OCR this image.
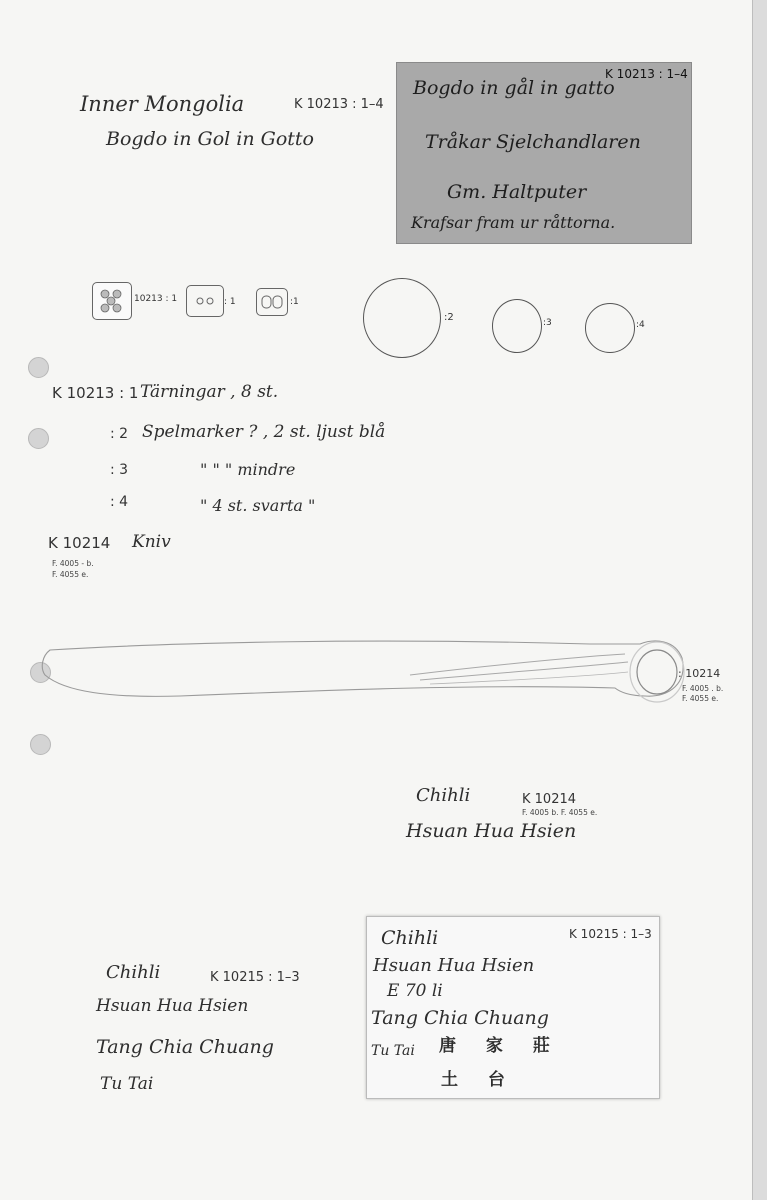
Inner Mongolia	K 10213 : 1–4
Bogdo in Gol in Gotto
K 10213 : 1–4
Bogdo in gål in gatto
Tråkar Sjelchandlaren
Gm. Haltputer
Krafsar fram ur råttorna.
10213 : 1	: 1	:1
:2	:3	:4
K 10213 : 1 Tärningar , 8 st.
: 2 Spelmarker ? , 2 st. ljust blå
: 3	" " " mindre
: 4	" 4 st. svarta "
K 10214 Kniv
F. 4005 - b.
F. 4055 e.
: 10214
F. 4005 . b.
F. 4055 e.
Chihli	K 10214
F. 4005 b. F. 4055 e.
Hsuan Hua Hsien
Chihli	K 10215 : 1–3
Hsuan Hua Hsien
Tang Chia Chuang
Tu Tai
K 10215 : 1–3
Chihli
Hsuan Hua Hsien
E 70 li
Tang Chia Chuang
Tu Tai 唐 家 莊
土 台
